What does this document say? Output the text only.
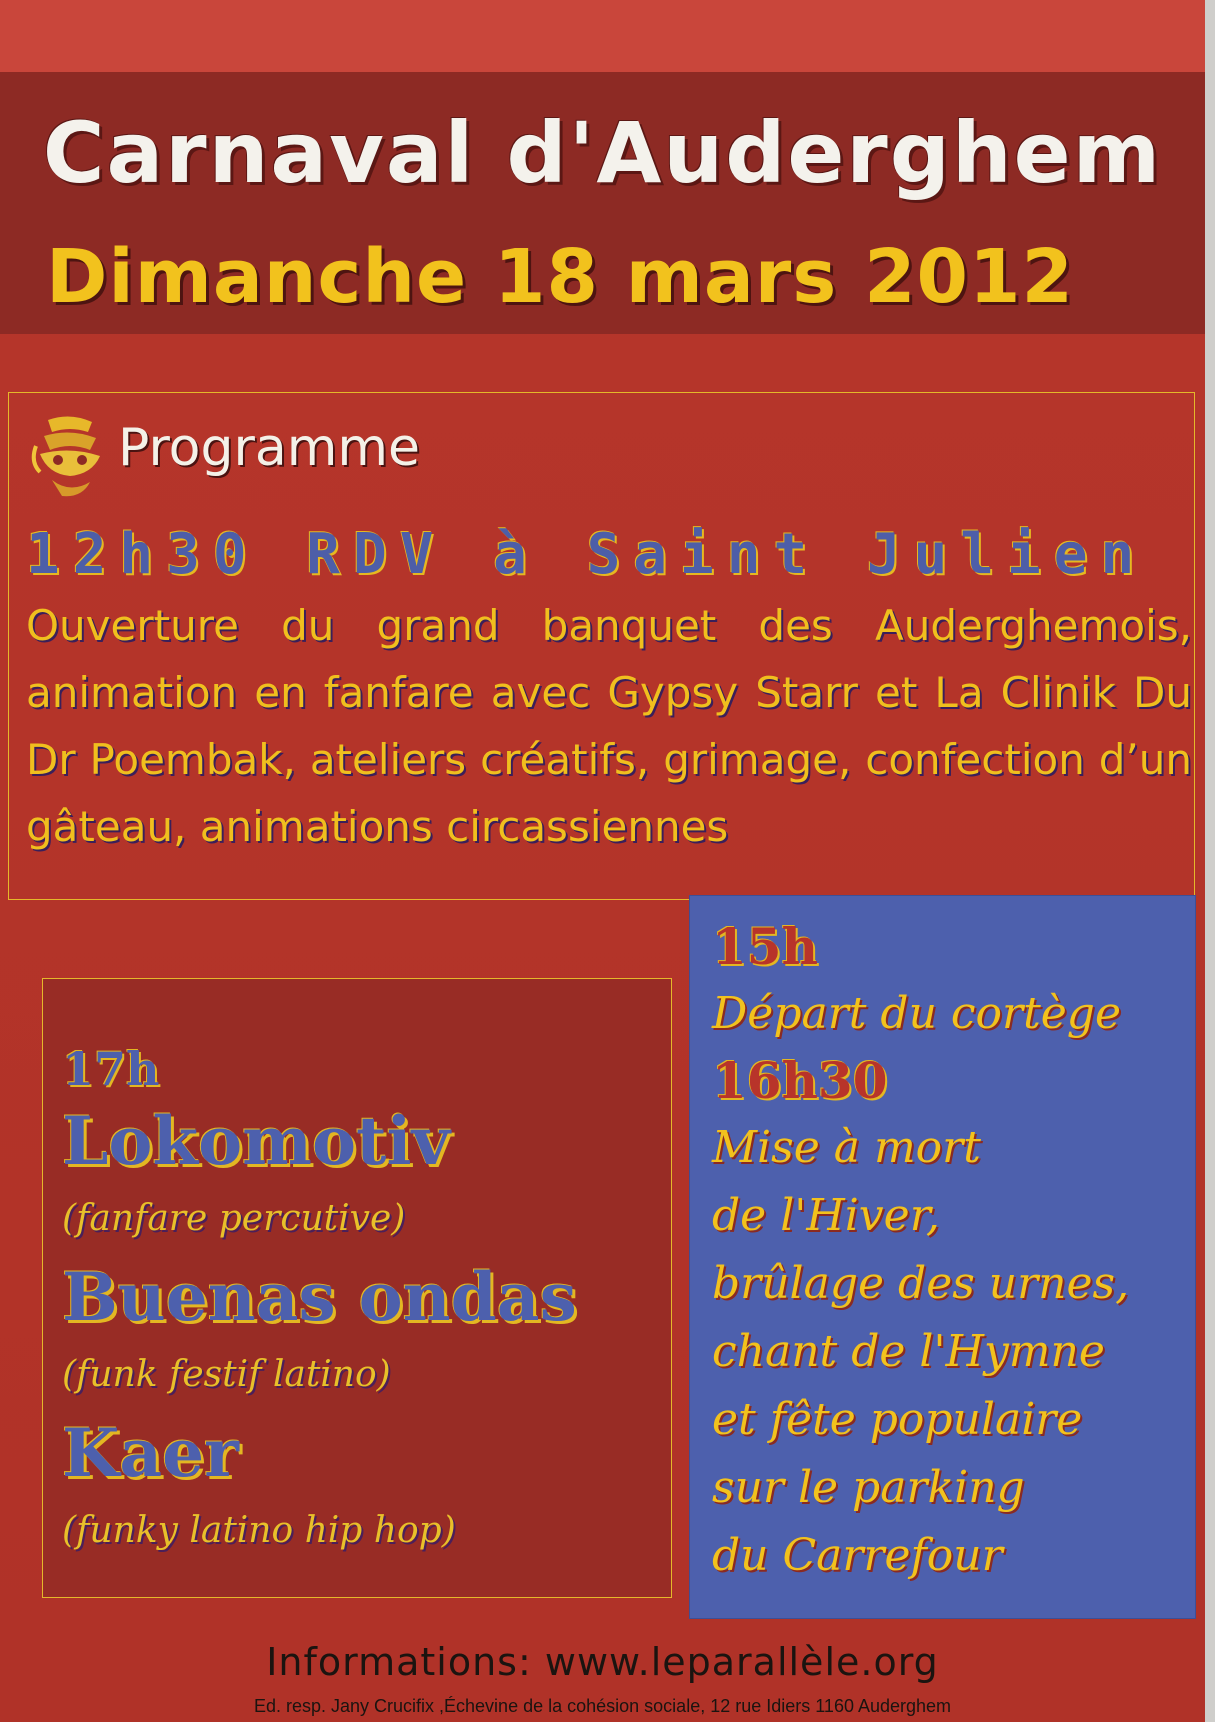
Carnaval d'Auderghem
Dimanche 18 mars 2012
Programme
12h30 RDV à Saint Julien
Ouverture du grand banquet des Auderghemois, animation en fanfare avec Gypsy Starr et La Clinik Du Dr Poembak, ateliers créatifs, grimage, confection d’un gâteau, animations circassiennes
17h
Lokomotiv
(fanfare percutive)
Buenas ondas
(funk festif latino)
Kaer
(funky latino hip hop)
15h
Départ du cortège
16h30
Mise à mort
de l'Hiver,
brûlage des urnes,
chant de l'Hymne
et fête populaire
sur le parking
du Carrefour
Informations: www.leparallèle.org
Ed. resp. Jany Crucifix ,Échevine de la cohésion sociale, 12 rue Idiers 1160 Auderghem
